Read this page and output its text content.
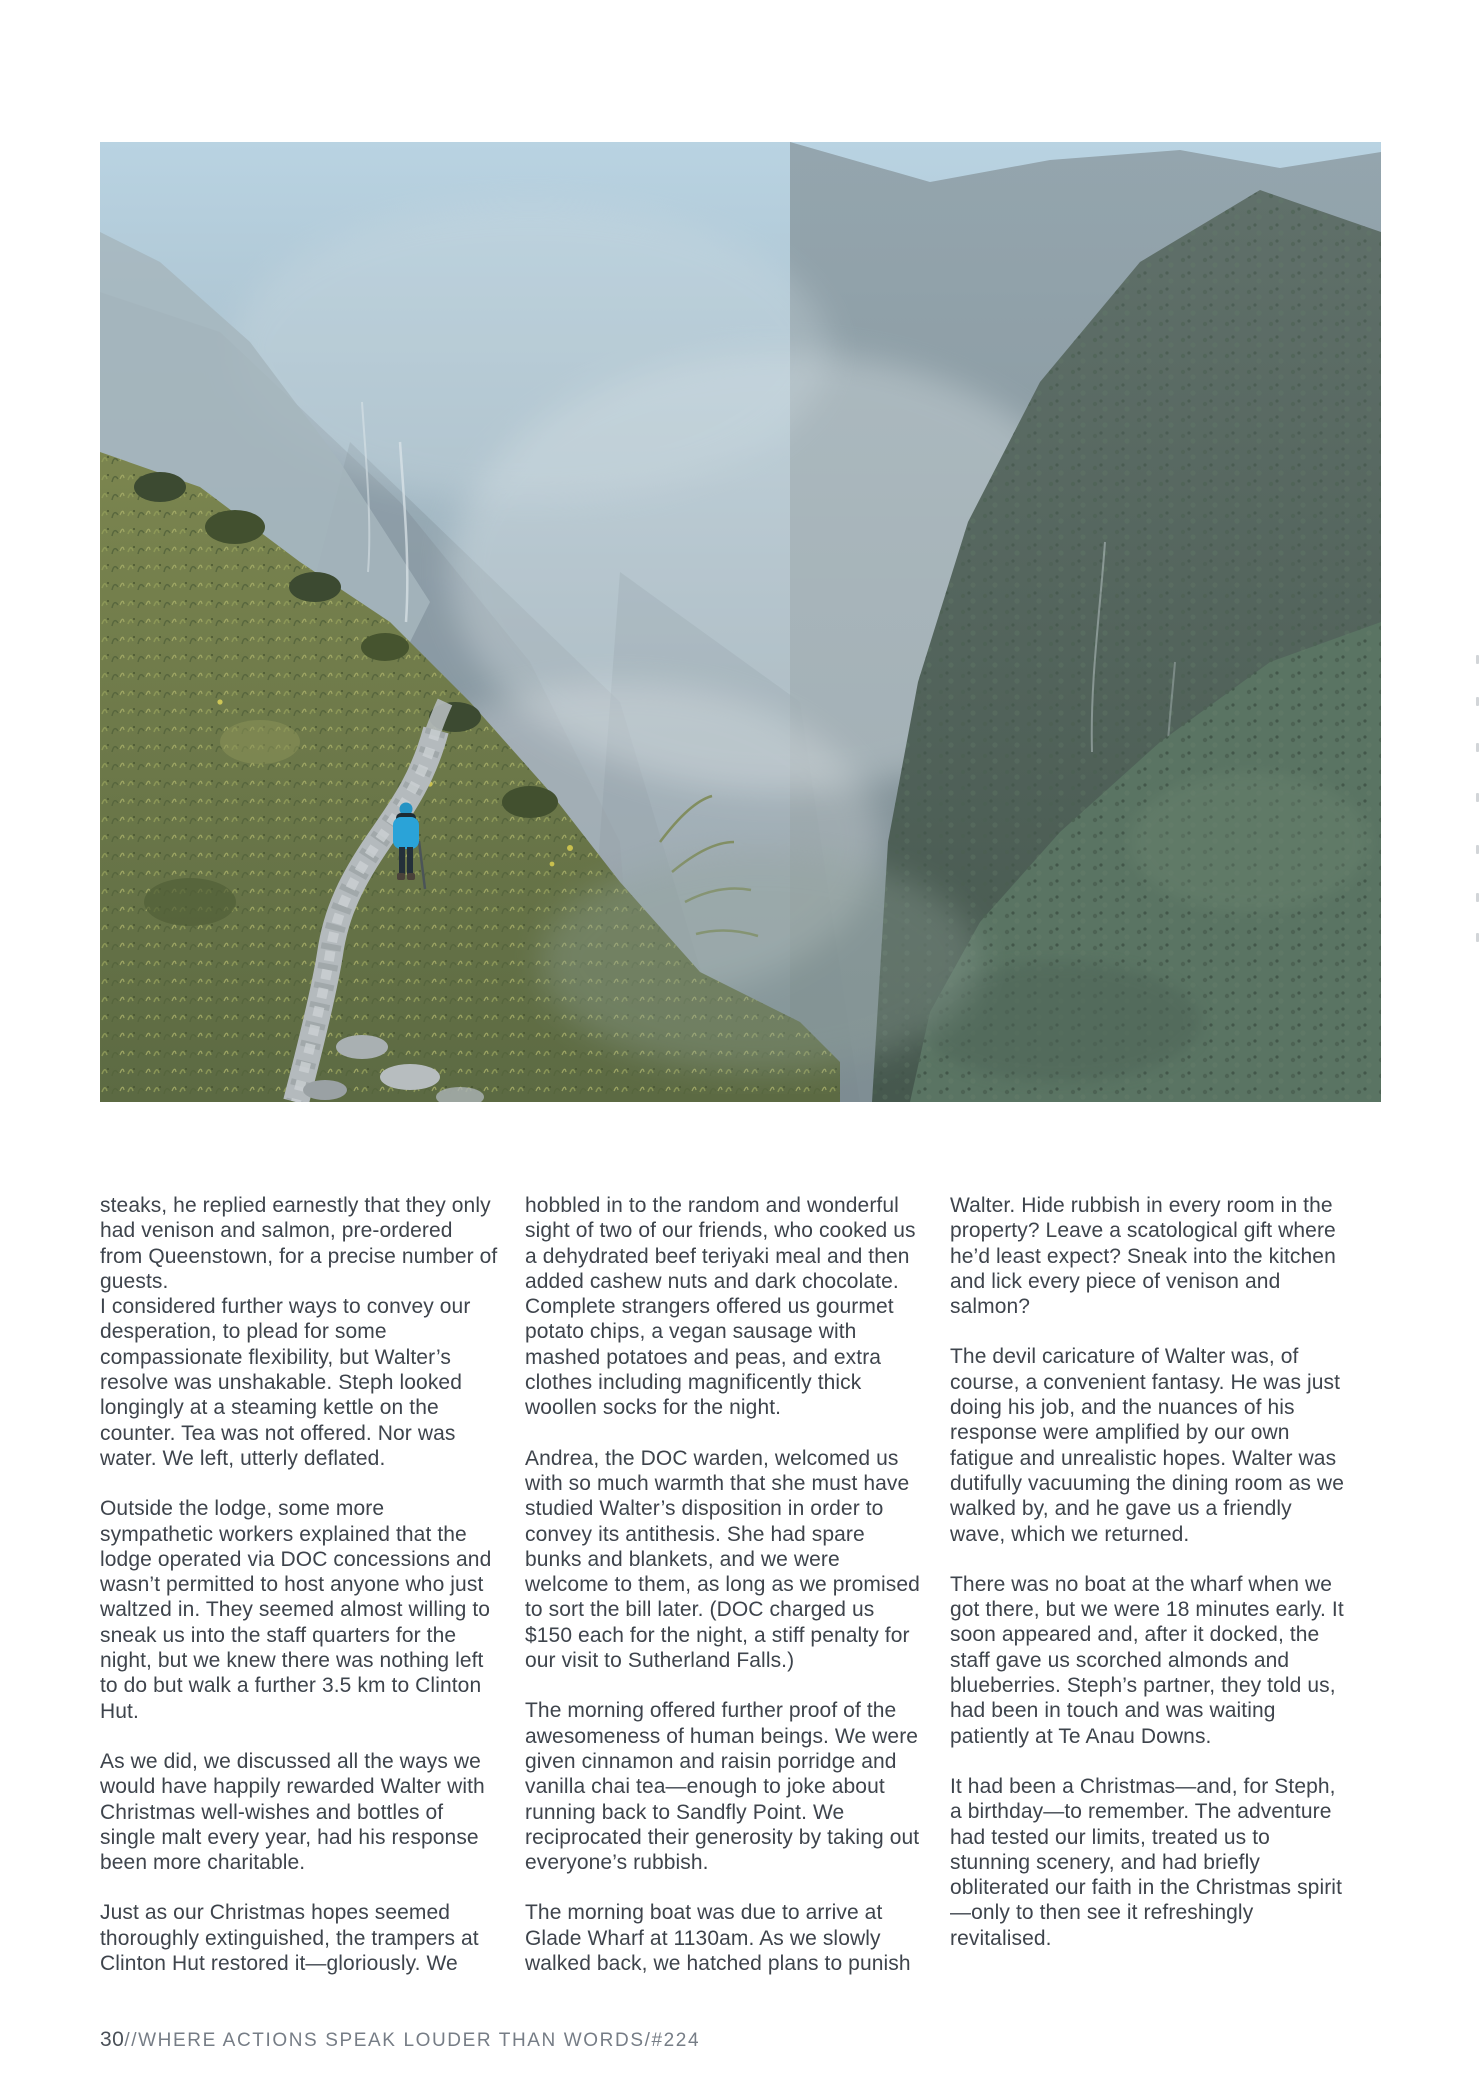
steaks, he replied earnestly that they only had venison and salmon, pre-ordered from Queenstown, for a precise number of guests.

I considered further ways to convey our desperation, to plead for some compassionate flexibility, but Walter’s resolve was unshakable. Steph looked longingly at a steaming kettle on the counter. Tea was not offered. Nor was water. We left, utterly deflated.

Outside the lodge, some more sympathetic workers explained that the lodge operated via DOC concessions and wasn’t permitted to host anyone who just waltzed in. They seemed almost willing to sneak us into the staff quarters for the night, but we knew there was nothing left to do but walk a further 3.5 km to Clinton Hut.

As we did, we discussed all the ways we would have happily rewarded Walter with Christmas well-wishes and bottles of single malt every year, had his response been more charitable.

Just as our Christmas hopes seemed thoroughly extinguished, the trampers at Clinton Hut restored it—gloriously. We

hobbled in to the random and wonderful sight of two of our friends, who cooked us a dehydrated beef teriyaki meal and then added cashew nuts and dark chocolate. Complete strangers offered us gourmet potato chips, a vegan sausage with mashed potatoes and peas, and extra clothes including magnificently thick woollen socks for the night.

Andrea, the DOC warden, welcomed us with so much warmth that she must have studied Walter’s disposition in order to convey its antithesis. She had spare bunks and blankets, and we were welcome to them, as long as we promised to sort the bill later. (DOC charged us $150 each for the night, a stiff penalty for our visit to Sutherland Falls.)

The morning offered further proof of the awesomeness of human beings. We were given cinnamon and raisin porridge and vanilla chai tea—enough to joke about running back to Sandfly Point. We reciprocated their generosity by taking out everyone’s rubbish.

The morning boat was due to arrive at Glade Wharf at 1130am. As we slowly walked back, we hatched plans to punish

Walter. Hide rubbish in every room in the property? Leave a scatological gift where he’d least expect? Sneak into the kitchen and lick every piece of venison and salmon?

The devil caricature of Walter was, of course, a convenient fantasy. He was just doing his job, and the nuances of his response were amplified by our own fatigue and unrealistic hopes. Walter was dutifully vacuuming the dining room as we walked by, and he gave us a friendly wave, which we returned.

There was no boat at the wharf when we got there, but we were 18 minutes early. It soon appeared and, after it docked, the staff gave us scorched almonds and blueberries. Steph’s partner, they told us, had been in touch and was waiting patiently at Te Anau Downs.

It had been a Christmas—and, for Steph, a birthday—to remember. The adventure had tested our limits, treated us to stunning scenery, and had briefly obliterated our faith in the Christmas spirit—only to then see it refreshingly revitalised.

30//WHERE ACTIONS SPEAK LOUDER THAN WORDS/#224
